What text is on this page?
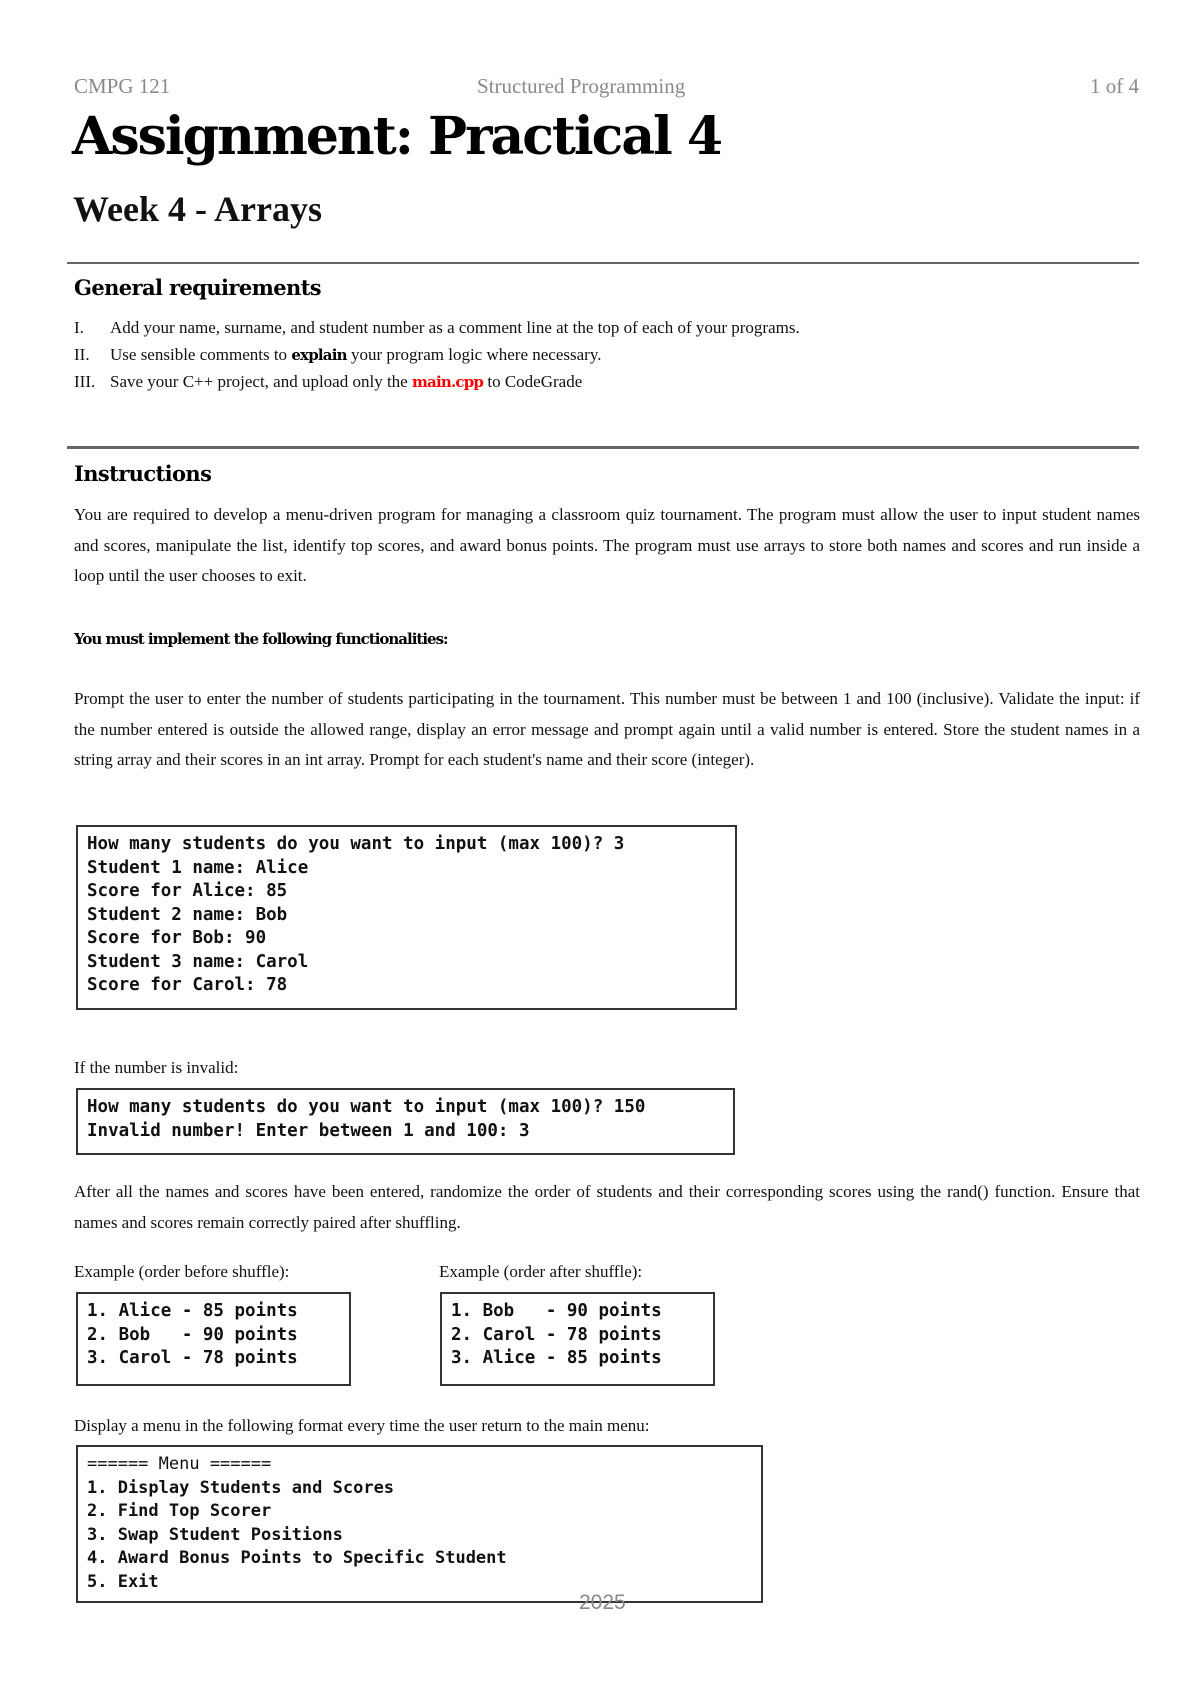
CMPG 121	Structured Programming	1 of 4
Assignment: Practical 4
Week 4 - Arrays
General requirements
I. Add your name, surname, and student number as a comment line at the top of each of your programs.
II. Use sensible comments to explain your program logic where necessary.
III. Save your C++ project, and upload only the main.cpp to CodeGrade
Instructions

You are required to develop a menu-driven program for managing a classroom quiz tournament. The program must allow the user to input student names and scores, manipulate the list, identify top scores, and award bonus points. The program must use arrays to store both names and scores and run inside a loop until the user chooses to exit.

You must implement the following functionalities:

Prompt the user to enter the number of students participating in the tournament. This number must be between 1 and 100 (inclusive). Validate the input: if the number entered is outside the allowed range, display an error message and prompt again until a valid number is entered. Store the student names in a string array and their scores in an int array. Prompt for each student's name and their score (integer).

How many students do you want to input (max 100)? 3
Student 1 name: Alice
Score for Alice: 85
Student 2 name: Bob
Score for Bob: 90
Student 3 name: Carol
Score for Carol: 78

If the number is invalid:

How many students do you want to input (max 100)? 150
Invalid number! Enter between 1 and 100: 3

After all the names and scores have been entered, randomize the order of students and their corresponding scores using the rand() function. Ensure that names and scores remain correctly paired after shuffling.

Example (order before shuffle):	Example (order after shuffle):

1. Alice - 85 points
2. Bob   - 90 points
3. Carol - 78 points
1. Bob   - 90 points
2. Carol - 78 points
3. Alice - 85 points

Display a menu in the following format every time the user return to the main menu:

====== Menu ======
1. Display Students and Scores
2. Find Top Scorer
3. Swap Student Positions
4. Award Bonus Points to Specific Student
5. Exit
2025
